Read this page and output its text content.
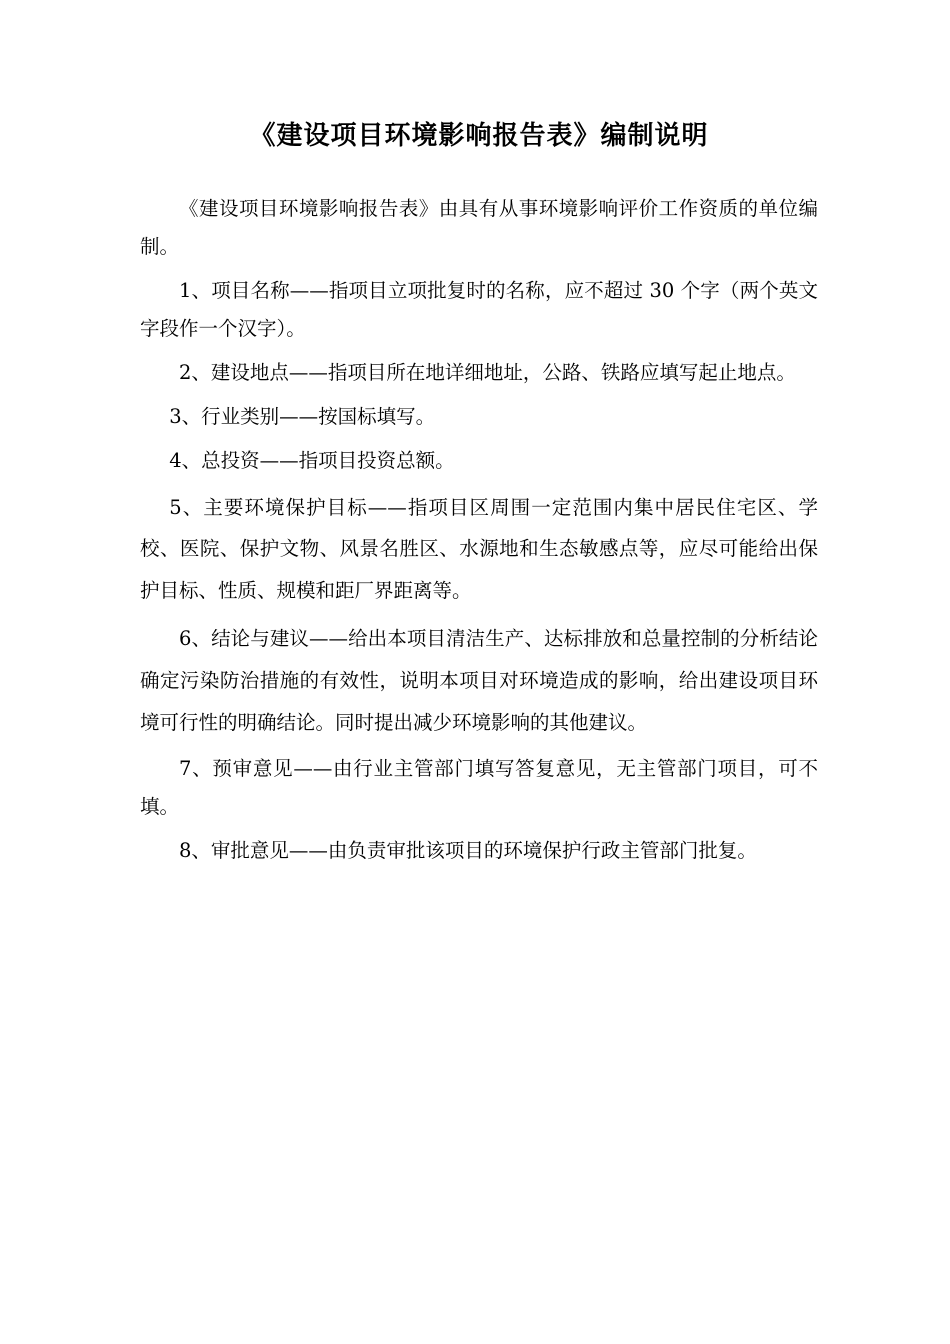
《建设项目环境影响报告表》编制说明

《建设项目环境影响报告表》由具有从事环境影响评价工作资质的单位编制。

1、项目名称——指项目立项批复时的名称，应不超过 30 个字（两个英文字段作一个汉字）。

2、建设地点——指项目所在地详细地址，公路、铁路应填写起止地点。

3、行业类别——按国标填写。

4、总投资——指项目投资总额。

5、主要环境保护目标——指项目区周围一定范围内集中居民住宅区、学校、医院、保护文物、风景名胜区、水源地和生态敏感点等，应尽可能给出保护目标、性质、规模和距厂界距离等。

6、结论与建议——给出本项目清洁生产、达标排放和总量控制的分析结论确定污染防治措施的有效性，说明本项目对环境造成的影响，给出建设项目环境可行性的明确结论。同时提出减少环境影响的其他建议。

7、预审意见——由行业主管部门填写答复意见，无主管部门项目，可不填。

8、审批意见——由负责审批该项目的环境保护行政主管部门批复。
